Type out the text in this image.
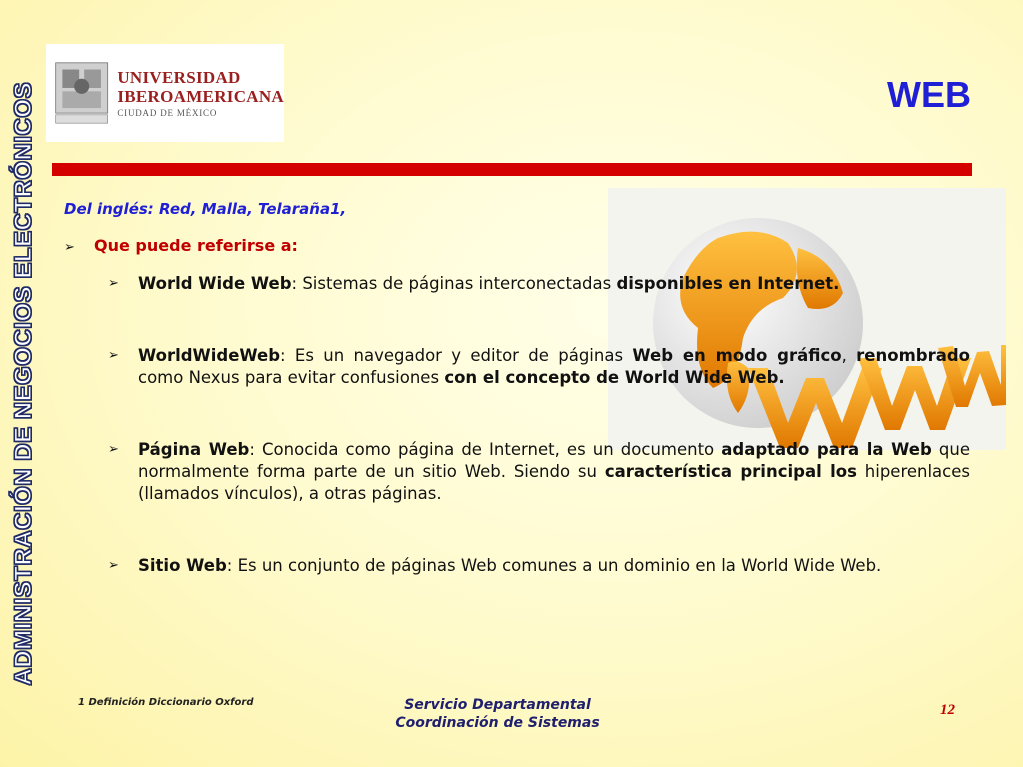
ADMINISTRACIÓN DE NEGOCIOS ELECTRÓNICOS
UNIVERSIDAD
IBEROAMERICANA
CIUDAD DE MÉXICO	WEB

Del inglés: Red, Malla, Telaraña1,

➢	Que puede referirse a:
➢	World Wide Web: Sistemas de páginas interconectadas disponibles en Internet.
➢	WorldWideWeb: Es un navegador y editor de páginas Web en modo gráfico, renombrado como Nexus para evitar confusiones con el concepto de World Wide Web.
➢	Página Web: Conocida como página de Internet, es un documento adaptado para la Web que normalmente forma parte de un sitio Web. Siendo su característica principal los hiperenlaces (llamados vínculos), a otras páginas.
➢	Sitio Web: Es un conjunto de páginas Web comunes a un dominio en la World Wide Web.
1 Definición Diccionario Oxford	Servicio Departamental
Coordinación de Sistemas
12
